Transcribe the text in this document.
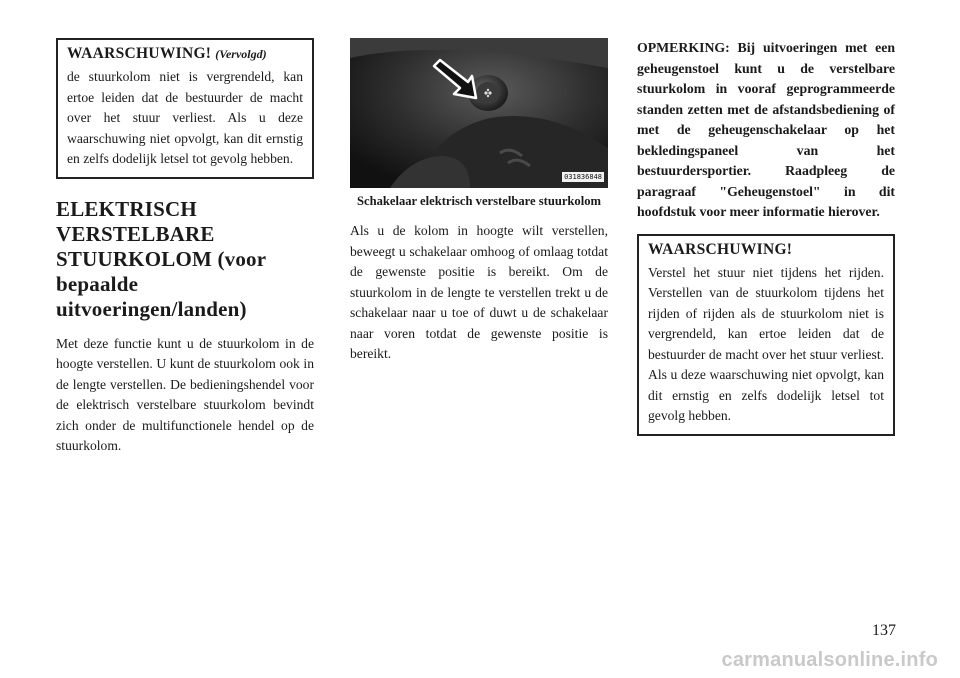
WAARSCHUWING! (Vervolgd)
de stuurkolom niet is vergrendeld, kan ertoe leiden dat de bestuurder de macht over het stuur verliest. Als u deze waarschuwing niet opvolgt, kan dit ernstig en zelfs dodelijk letsel tot gevolg hebben.
ELEKTRISCH VERSTELBARE STUURKOLOM (voor bepaalde uitvoeringen/landen)

Met deze functie kunt u de stuurkolom in de hoogte verstellen. U kunt de stuurkolom ook in de lengte verstellen. De bedieningshendel voor de elektrisch verstelbare stuurkolom bevindt zich onder de multifunctionele hendel op de stuurkolom.

031836848
Schakelaar elektrisch verstelbare stuurkolom

Als u de kolom in hoogte wilt verstellen, beweegt u schakelaar omhoog of omlaag totdat de gewenste positie is bereikt. Om de stuurkolom in de lengte te verstellen trekt u de schakelaar naar u toe of duwt u de schakelaar naar voren totdat de gewenste positie is bereikt.

OPMERKING: Bij uitvoeringen met een geheugenstoel kunt u de verstelbare stuurkolom in vooraf geprogrammeerde standen zetten met de afstandsbediening of met de geheugenschakelaar op het bekledingspaneel van het bestuurdersportier. Raadpleeg de paragraaf "Geheugenstoel" in dit hoofdstuk voor meer informatie hierover.

WAARSCHUWING!
Verstel het stuur niet tijdens het rijden. Verstellen van de stuurkolom tijdens het rijden of rijden als de stuurkolom niet is vergrendeld, kan ertoe leiden dat de bestuurder de macht over het stuur verliest. Als u deze waarschuwing niet opvolgt, kan dit ernstig en zelfs dodelijk letsel tot gevolg hebben.
137
carmanualsonline.info
